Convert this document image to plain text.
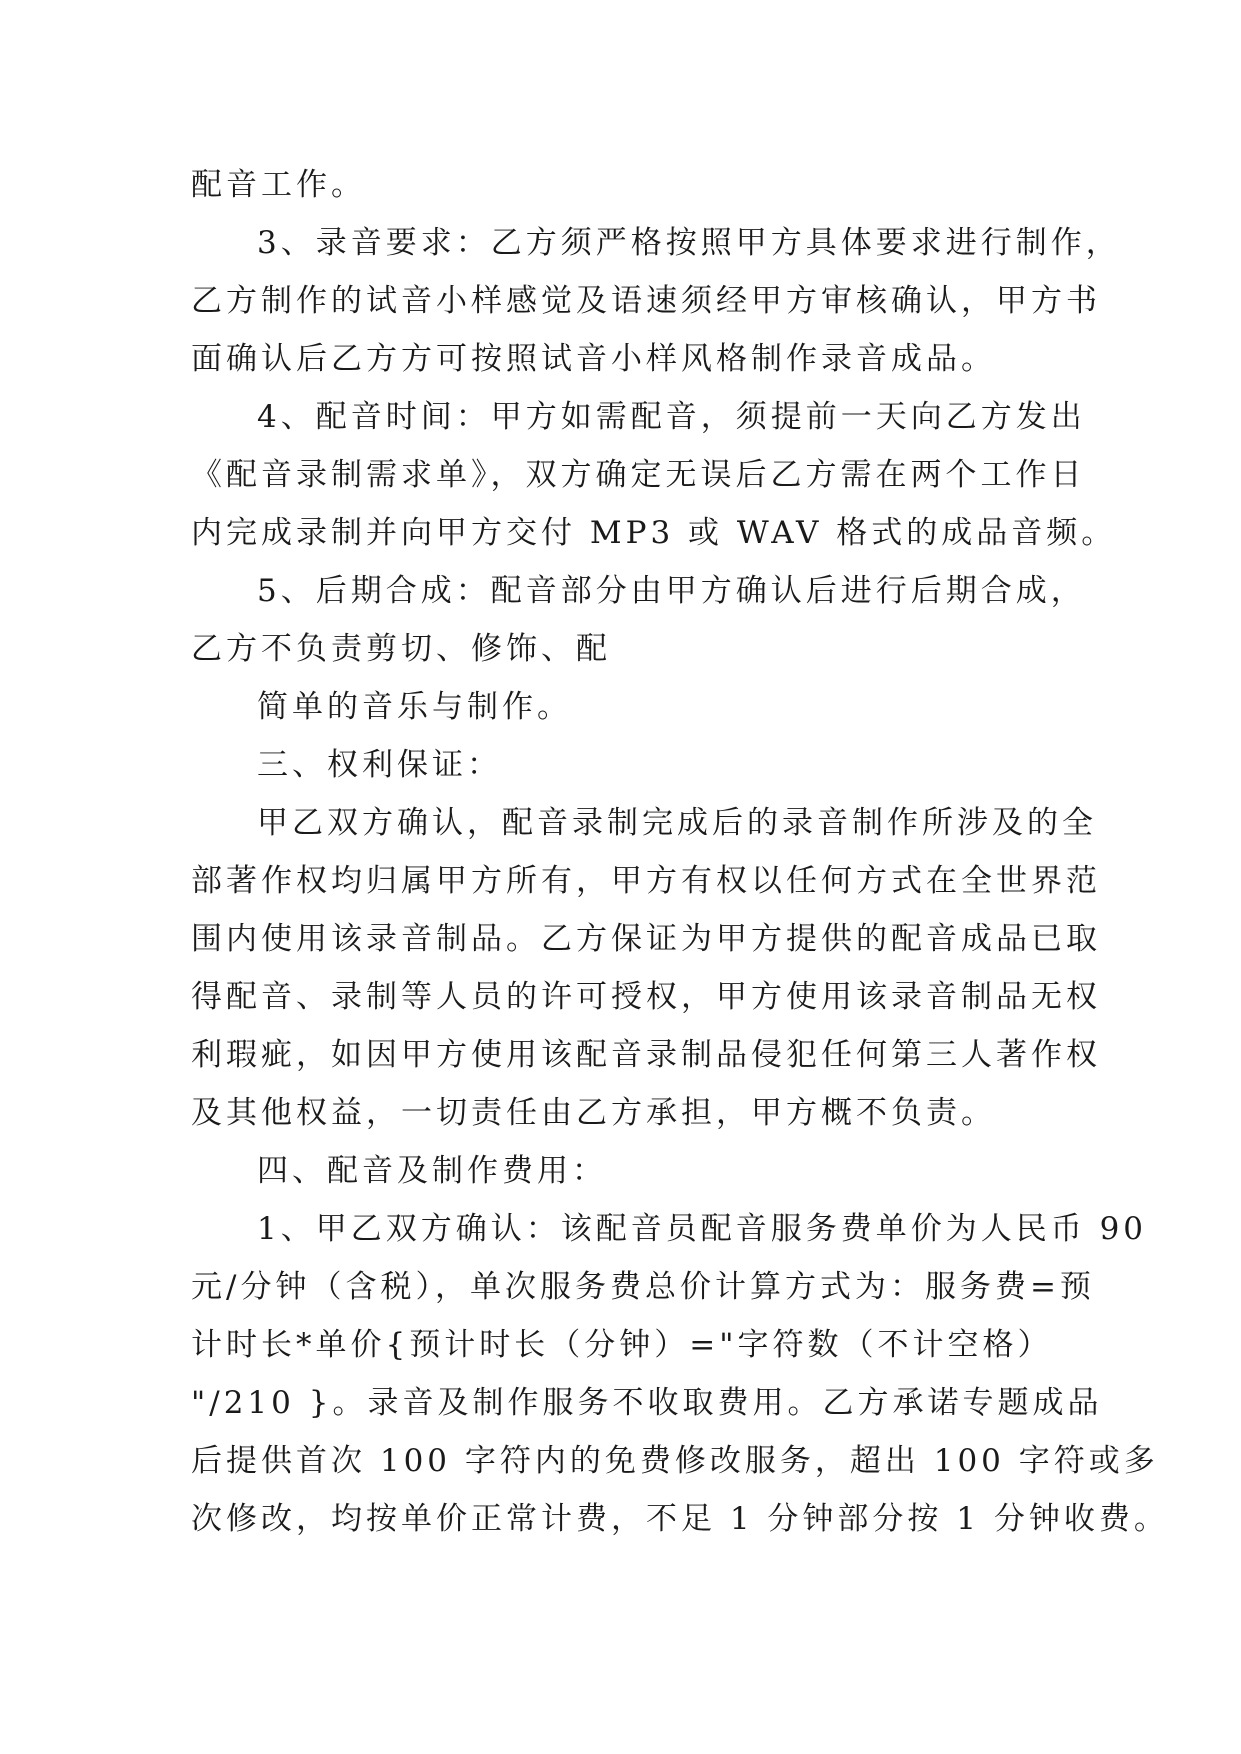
配音工作。
3、录音要求：乙方须严格按照甲方具体要求进行制作，
乙方制作的试音小样感觉及语速须经甲方审核确认，甲方书
面确认后乙方方可按照试音小样风格制作录音成品。
4、配音时间：甲方如需配音，须提前一天向乙方发出
《配音录制需求单》，双方确定无误后乙方需在两个工作日
内完成录制并向甲方交付 MP3 或 WAV 格式的成品音频。
5、后期合成：配音部分由甲方确认后进行后期合成，
乙方不负责剪切、修饰、配
简单的音乐与制作。
三、权利保证：
甲乙双方确认，配音录制完成后的录音制作所涉及的全
部著作权均归属甲方所有，甲方有权以任何方式在全世界范
围内使用该录音制品。乙方保证为甲方提供的配音成品已取
得配音、录制等人员的许可授权，甲方使用该录音制品无权
利瑕疵，如因甲方使用该配音录制品侵犯任何第三人著作权
及其他权益，一切责任由乙方承担，甲方概不负责。
四、配音及制作费用：
1、甲乙双方确认：该配音员配音服务费单价为人民币 90
元/分钟（含税），单次服务费总价计算方式为：服务费=预
计时长*单价{预计时长（分钟）="字符数（不计空格）
"/210 }。录音及制作服务不收取费用。乙方承诺专题成品
后提供首次 100 字符内的免费修改服务，超出 100 字符或多
次修改，均按单价正常计费，不足 1 分钟部分按 1 分钟收费。
